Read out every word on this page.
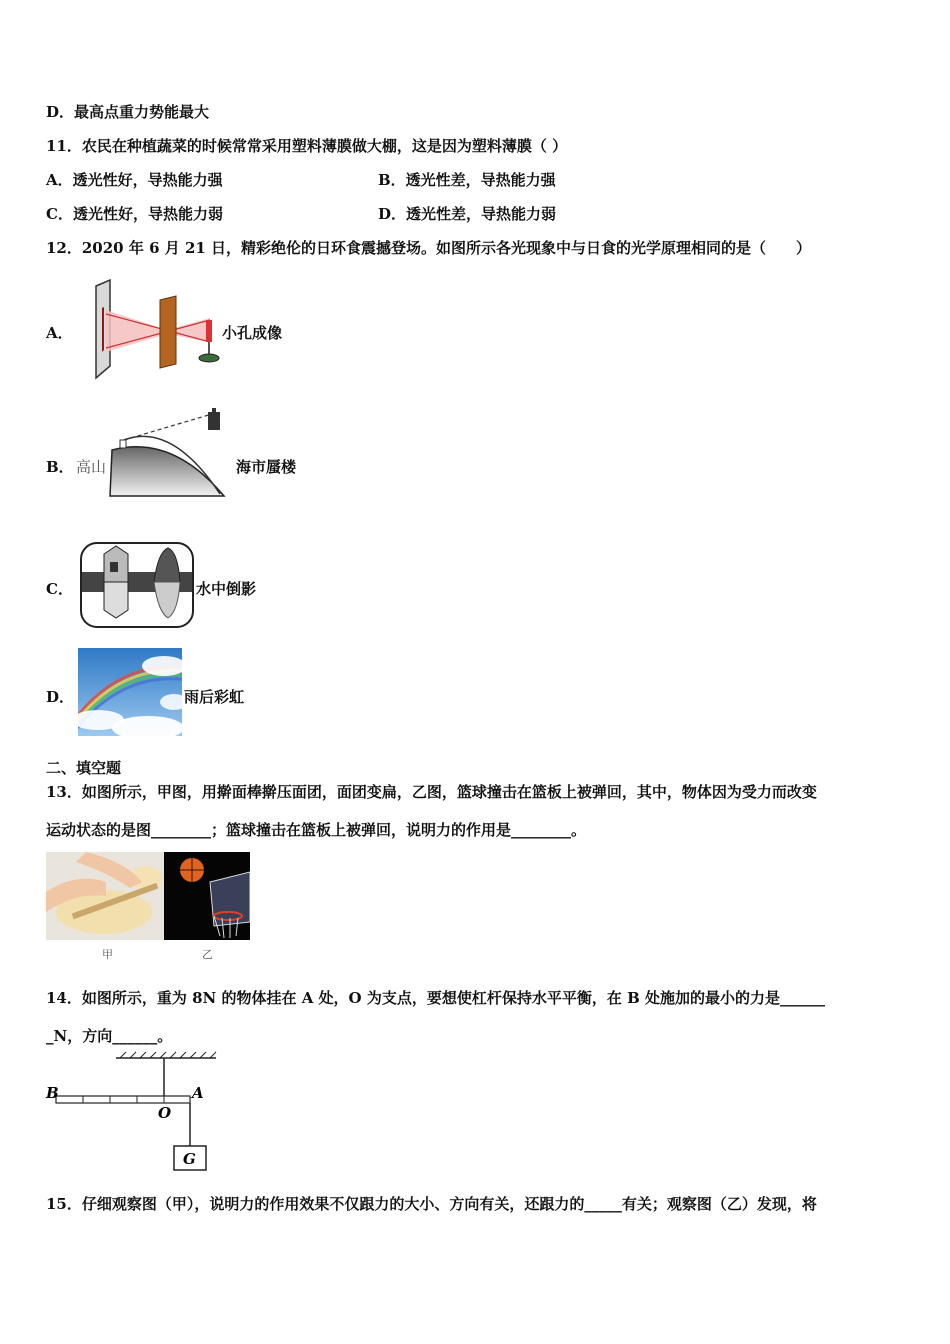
D．最高点重力势能最大
11．农民在种植蔬菜的时候常常采用塑料薄膜做大棚，这是因为塑料薄膜（ ）
A．透光性好，导热能力强	B．透光性差，导热能力强
C．透光性好，导热能力弱	D．透光性差，导热能力弱
12．2020 年 6 月 21 日，精彩绝伦的日环食震撼登场。如图所示各光现象中与日食的光学原理相同的是（　　）
A．	小孔成像
B． 高山	海市蜃楼
C．	水中倒影
D．	雨后彩虹
二、填空题
13．如图所示，甲图，用擀面棒擀压面团，面团变扁，乙图，篮球撞击在篮板上被弹回，其中，物体因为受力而改变
运动状态的是图________；篮球撞击在篮板上被弹回，说明力的作用是________。
甲	乙
14．如图所示，重为 8N 的物体挂在 A 处，O 为支点，要想使杠杆保持水平平衡，在 B 处施加的最小的力是______
_N，方向______。
B
O
A
G
15．仔细观察图（甲），说明力的作用效果不仅跟力的大小、方向有关，还跟力的_____有关；观察图（乙）发现，将
